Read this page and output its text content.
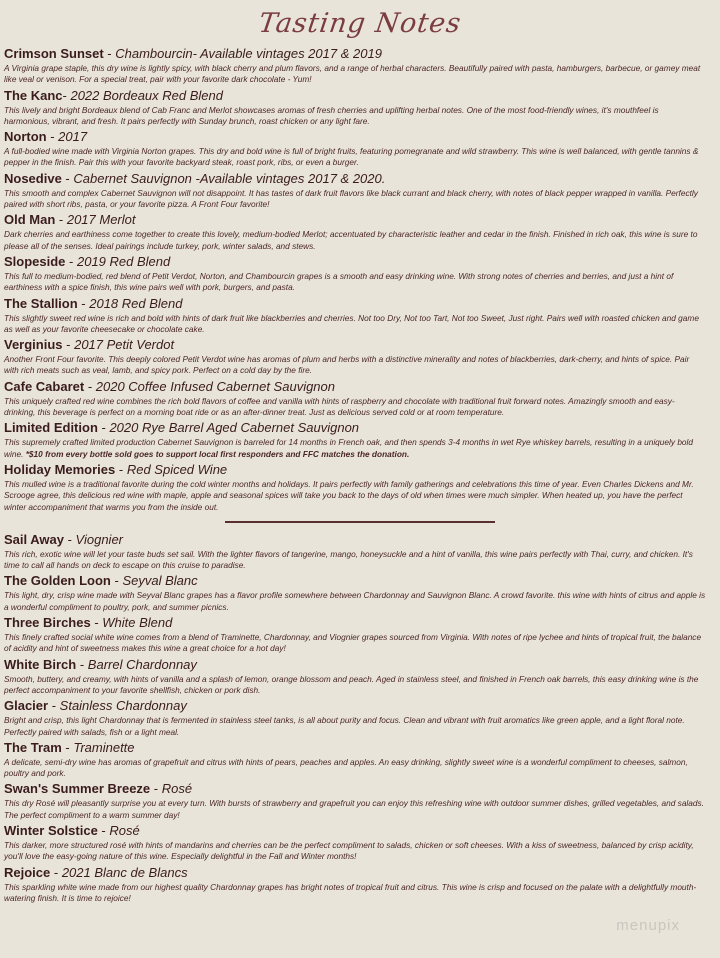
Tasting Notes
Crimson Sunset - Chambourcin- Available vintages 2017 & 2019
A Virginia grape staple, this dry wine is lightly spicy, with black cherry and plum flavors, and a range of herbal characters. Beautifully paired with pasta, hamburgers, barbecue, or gamey meat like veal or venison. For a special treat, pair with your favorite dark chocolate - Yum!
The Kanc- 2022 Bordeaux Red Blend
This lively and bright Bordeaux blend of Cab Franc and Merlot showcases aromas of fresh cherries and uplifting herbal notes. One of the most food-friendly wines, it's mouthfeel is harmonious, vibrant, and fresh. It pairs perfectly with Sunday brunch, roast chicken or any light fare.
Norton - 2017
A full-bodied wine made with Virginia Norton grapes. This dry and bold wine is full of bright fruits, featuring pomegranate and wild strawberry. This wine is well balanced, with gentle tannins & pepper in the finish. Pair this with your favorite backyard steak, roast pork, ribs, or even a burger.
Nosedive - Cabernet Sauvignon -Available vintages 2017 & 2020.
This smooth and complex Cabernet Sauvignon will not disappoint. It has tastes of dark fruit flavors like black currant and black cherry, with notes of black pepper wrapped in vanilla. Perfectly paired with short ribs, pasta, or your favorite pizza. A Front Four favorite!
Old Man - 2017 Merlot
Dark cherries and earthiness come together to create this lovely, medium-bodied Merlot; accentuated by characteristic leather and cedar in the finish. Finished in rich oak, this wine is sure to please all of the senses. Ideal pairings include turkey, pork, winter salads, and stews.
Slopeside - 2019 Red Blend
This full to medium-bodied, red blend of Petit Verdot, Norton, and Chambourcin grapes is a smooth and easy drinking wine. With strong notes of cherries and berries, and just a hint of earthiness with a spice finish, this wine pairs well with pork, burgers, and pasta.
The Stallion - 2018 Red Blend
This slightly sweet red wine is rich and bold with hints of dark fruit like blackberries and cherries. Not too Dry, Not too Tart, Not too Sweet, Just right. Pairs well with roasted chicken and game as well as your favorite cheesecake or chocolate cake.
Verginius - 2017 Petit Verdot
Another Front Four favorite. This deeply colored Petit Verdot wine has aromas of plum and herbs with a distinctive minerality and notes of blackberries, dark-cherry, and hints of spice. Pair with rich meats such as veal, lamb, and spicy pork. Perfect on a cold day by the fire.
Cafe Cabaret - 2020 Coffee Infused Cabernet Sauvignon
This uniquely crafted red wine combines the rich bold flavors of coffee and vanilla with hints of raspberry and chocolate with traditional fruit forward notes. Amazingly smooth and easy-drinking, this beverage is perfect on a morning boat ride or as an after-dinner treat. Just as delicious served cold or at room temperature.
Limited Edition - 2020 Rye Barrel Aged Cabernet Sauvignon
This supremely crafted limited production Cabernet Sauvignon is barreled for 14 months in French oak, and then spends 3-4 months in wet Rye whiskey barrels, resulting in a uniquely bold wine. *$10 from every bottle sold goes to support local first responders and FFC matches the donation.
Holiday Memories - Red Spiced Wine
This mulled wine is a traditional favorite during the cold winter months and holidays. It pairs perfectly with family gatherings and celebrations this time of year. Even Charles Dickens and Mr. Scrooge agree, this delicious red wine with maple, apple and seasonal spices will take you back to the days of old when times were much simpler. When heated up, you have the perfect winter accompaniment that warms you from the inside out.
Sail Away - Viognier
This rich, exotic wine will let your taste buds set sail. With the lighter flavors of tangerine, mango, honeysuckle and a hint of vanilla, this wine pairs perfectly with Thai, curry, and chicken. It's time to call all hands on deck to escape on this cruise to paradise.
The Golden Loon - Seyval Blanc
This light, dry, crisp wine made with Seyval Blanc grapes has a flavor profile somewhere between Chardonnay and Sauvignon Blanc. A crowd favorite. this wine with hints of citrus and apple is a wonderful compliment to poultry, pork, and summer picnics.
Three Birches - White Blend
This finely crafted social white wine comes from a blend of Traminette, Chardonnay, and Viognier grapes sourced from Virginia. With notes of ripe lychee and hints of tropical fruit, the balance of acidity and hint of sweetness makes this wine a great choice for a hot day!
White Birch - Barrel Chardonnay
Smooth, buttery, and creamy, with hints of vanilla and a splash of lemon, orange blossom and peach. Aged in stainless steel, and finished in French oak barrels, this easy drinking wine is the perfect accompaniment to your favorite shellfish, chicken or pork dish.
Glacier - Stainless Chardonnay
Bright and crisp, this light Chardonnay that is fermented in stainless steel tanks, is all about purity and focus. Clean and vibrant with fruit aromatics like green apple, and a light floral note. Perfectly paired with salads, fish or a light meal.
The Tram - Traminette
A delicate, semi-dry wine has aromas of grapefruit and citrus with hints of pears, peaches and apples. An easy drinking, slightly sweet wine is a wonderful compliment to cheeses, salmon, poultry and pork.
Swan's Summer Breeze - Rosé
This dry Rosé will pleasantly surprise you at every turn. With bursts of strawberry and grapefruit you can enjoy this refreshing wine with outdoor summer dishes, grilled vegetables, and salads. The perfect compliment to a warm summer day!
Winter Solstice - Rosé
This darker, more structured rosé with hints of mandarins and cherries can be the perfect compliment to salads, chicken or soft cheeses. With a kiss of sweetness, balanced by crisp acidity, you'll love the easy-going nature of this wine. Especially delightful in the Fall and Winter months!
Rejoice - 2021 Blanc de Blancs
This sparkling white wine made from our highest quality Chardonnay grapes has bright notes of tropical fruit and citrus. This wine is crisp and focused on the palate with a delightfully mouth-watering finish. It is time to rejoice!
menupix
